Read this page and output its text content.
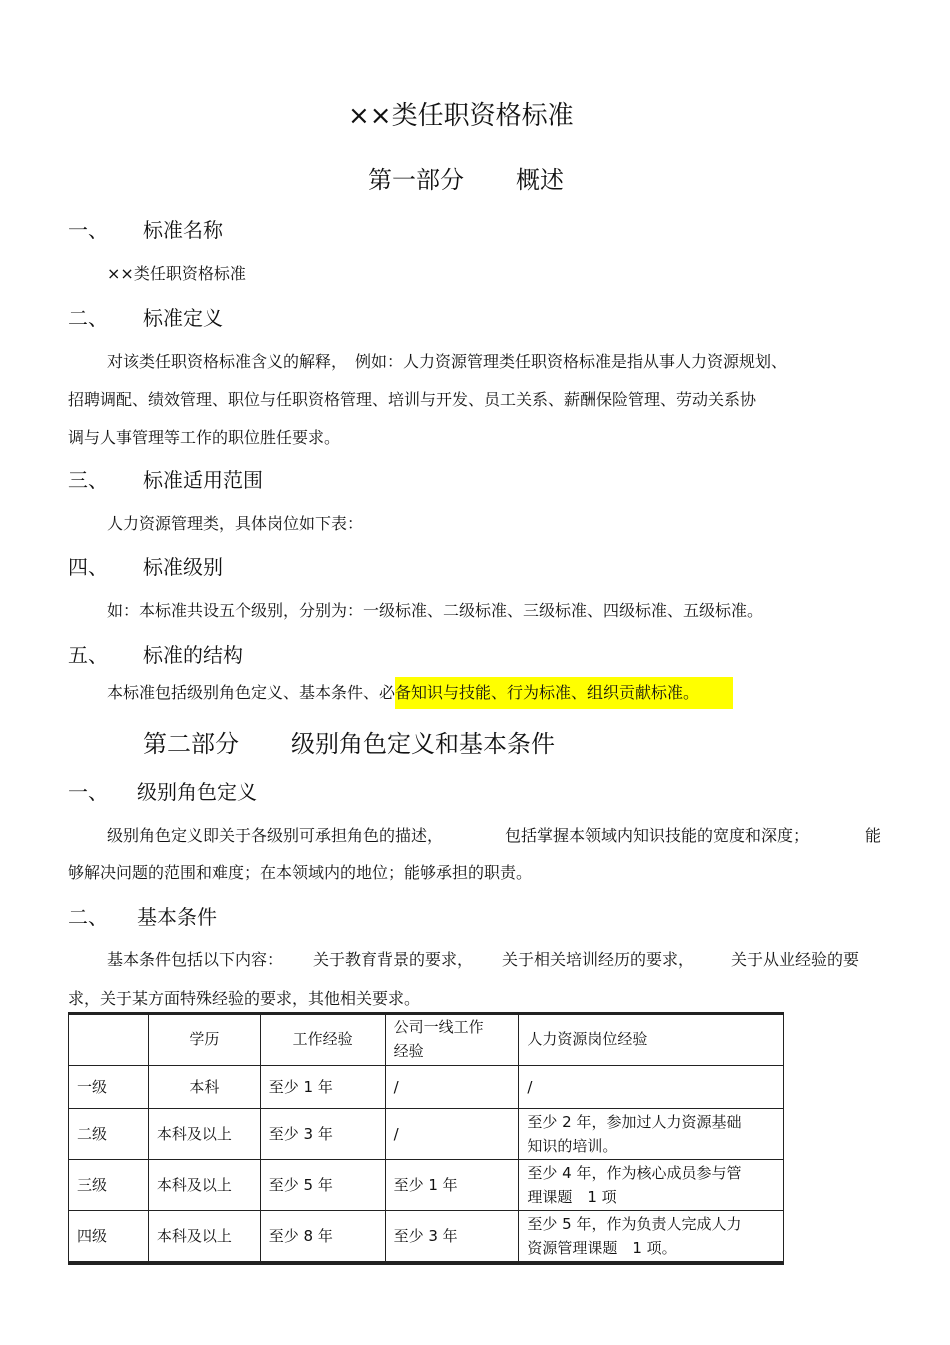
××类任职资格标准
第一部分 概述
一、 标准名称
××类任职资格标准
二、 标准定义
对该类任职资格标准含义的解释，　例如：人力资源管理类任职资格标准是指从事人力资源规划、
招聘调配、绩效管理、职位与任职资格管理、培训与开发、员工关系、薪酬保险管理、劳动关系协
调与人事管理等工作的职位胜任要求。
三、 标准适用范围
人力资源管理类，具体岗位如下表：
四、 标准级别
如：本标准共设五个级别，分别为：一级标准、二级标准、三级标准、四级标准、五级标准。
五、 标准的结构
本标准包括级别角色定义、基本条件、必备知识与技能、行为标准、组织贡献标准。
第二部分 级别角色定义和基本条件
一、 级别角色定义
级别角色定义即关于各级别可承担角色的描述，	包括掌握本领域内知识技能的宽度和深度；	能
够解决问题的范围和难度；在本领域内的地位；能够承担的职责。
二、 基本条件
基本条件包括以下内容： 关于教育背景的要求， 关于相关培训经历的要求， 关于从业经验的要
求，关于某方面特殊经验的要求，其他相关要求。
	学历	工作经验	公司一线工作
经验	人力资源岗位经验
一级	本科	至少 1 年	/	/
二级	本科及以上	至少 3 年	/	至少 2 年，参加过人力资源基础
知识的培训。
三级	本科及以上	至少 5 年	至少 1 年	至少 4 年，作为核心成员参与管
理课题　1 项
四级	本科及以上	至少 8 年	至少 3 年	至少 5 年，作为负责人完成人力
资源管理课题　1 项。
